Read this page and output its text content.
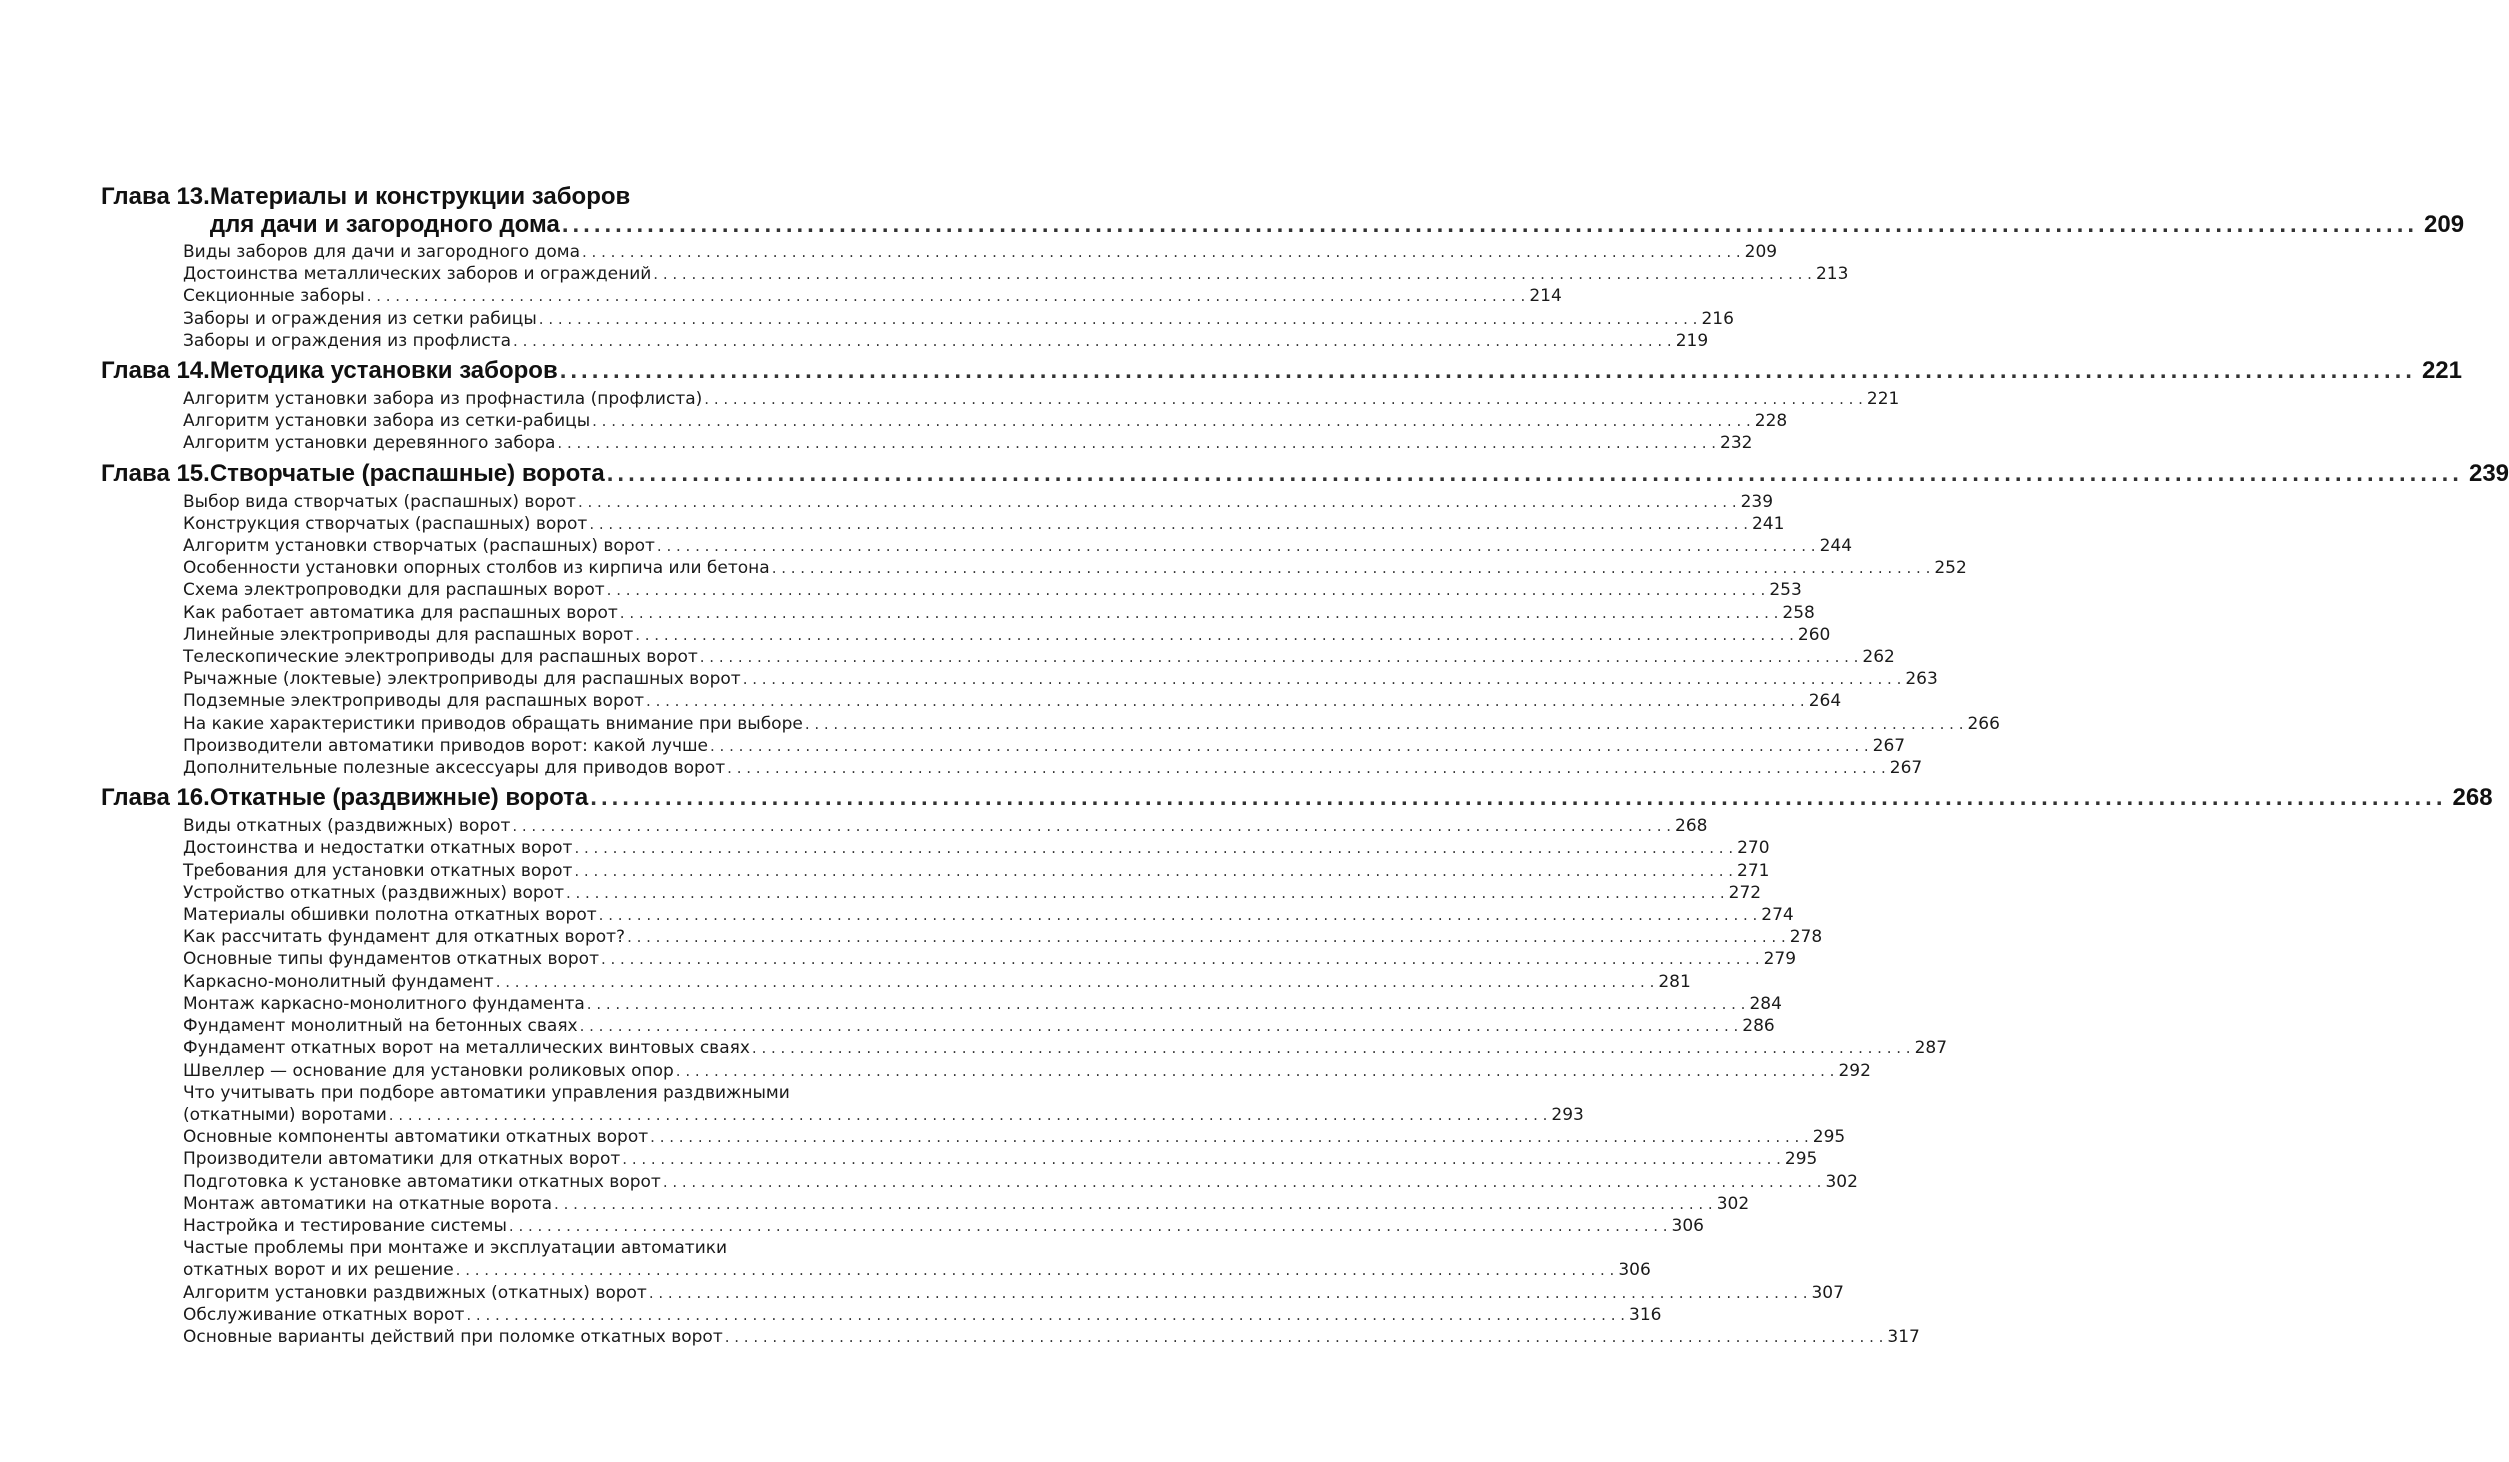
Глава 13. Материалы и конструкции заборов
для дачи и загородного дома .....	209
Виды заборов для дачи и загородного дома . . .	209
Достоинства металлических заборов и ограждений . . .	213
Секционные заборы . . .	214
Заборы и ограждения из сетки рабицы . . .	216
Заборы и ограждения из профлиста . . .	219
Глава 14. Методика установки заборов .....	221
Алгоритм установки забора из профнастила (профлиста) . . .	221
Алгоритм установки забора из сетки-рабицы . . .	228
Алгоритм установки деревянного забора . . .	232
Глава 15. Створчатые (распашные) ворота .....	239
Выбор вида створчатых (распашных) ворот . . .	239
Конструкция створчатых (распашных) ворот . . .	241
Алгоритм установки створчатых (распашных) ворот . . .	244
Особенности установки опорных столбов из кирпича или бетона . . .	252
Схема электропроводки для распашных ворот . . .	253
Как работает автоматика для распашных ворот . . .	258
Линейные электроприводы для распашных ворот . . .	260
Телескопические электроприводы для распашных ворот . . .	262
Рычажные (локтевые) электроприводы для распашных ворот . . .	263
Подземные электроприводы для распашных ворот . . .	264
На какие характеристики приводов обращать внимание при выборе . . .	266
Производители автоматики приводов ворот: какой лучше . . .	267
Дополнительные полезные аксессуары для приводов ворот . . .	267
Глава 16. Откатные (раздвижные) ворота .....	268
Виды откатных (раздвижных) ворот . . .	268
Достоинства и недостатки откатных ворот . . .	270
Требования для установки откатных ворот . . .	271
Устройство откатных (раздвижных) ворот . . .	272
Материалы обшивки полотна откатных ворот . . .	274
Как рассчитать фундамент для откатных ворот? . . .	278
Основные типы фундаментов откатных ворот . . .	279
Каркасно-монолитный фундамент . . .	281
Монтаж каркасно-монолитного фундамента . . .	284
Фундамент монолитный на бетонных сваях . . .	286
Фундамент откатных ворот на металлических винтовых сваях . . .	287
Швеллер — основание для установки роликовых опор . . .	292
Что учитывать при подборе автоматики управления раздвижными
(откатными) воротами . . .	293
Основные компоненты автоматики откатных ворот . . .	295
Производители автоматики для откатных ворот . . .	295
Подготовка к установке автоматики откатных ворот . . .	302
Монтаж автоматики на откатные ворота . . .	302
Настройка и тестирование системы . . .	306
Частые проблемы при монтаже и эксплуатации автоматики
откатных ворот и их решение . . .	306
Алгоритм установки раздвижных (откатных) ворот . . .	307
Обслуживание откатных ворот . . .	316
Основные варианты действий при поломке откатных ворот . . .	317
